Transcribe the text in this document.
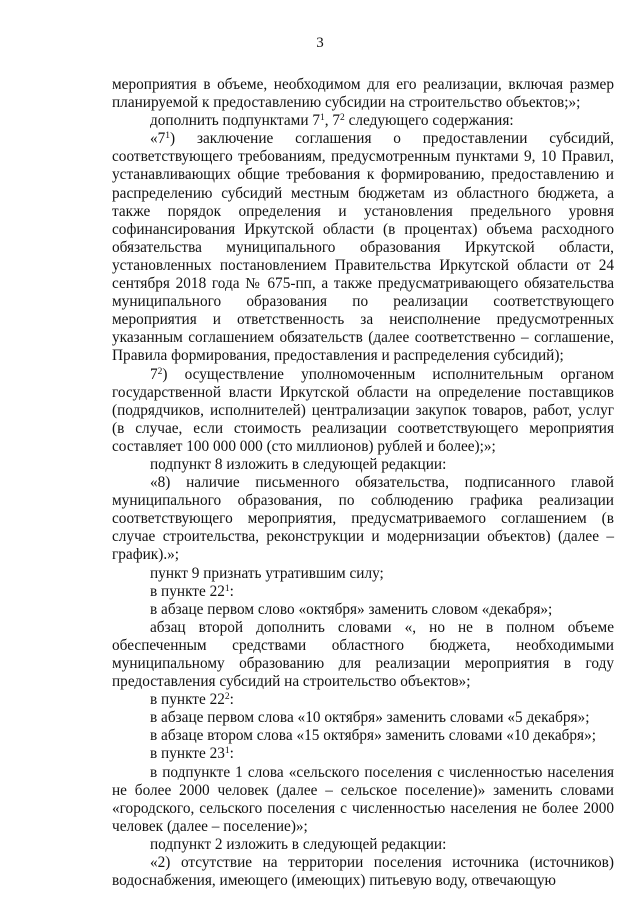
3

мероприятия в объеме, необходимом для его реализации, включая размер планируемой к предоставлению субсидии на строительство объектов;»;

дополнить подпунктами $7^1$, $7^2$ следующего содержания:

«$7^1$) заключение соглашения о предоставлении субсидий, соответствующего требованиям, предусмотренным пунктами 9, 10 Правил, устанавливающих общие требования к формированию, предоставлению и распределению субсидий местным бюджетам из областного бюджета, а также порядок определения и установления предельного уровня софинансирования Иркутской области (в процентах) объема расходного обязательства муниципального образования Иркутской области, установленных постановлением Правительства Иркутской области от 24 сентября 2018 года № 675-пп, а также предусматривающего обязательства муниципального образования по реализации соответствующего мероприятия и ответственность за неисполнение предусмотренных указанным соглашением обязательств (далее соответственно – соглашение, Правила формирования, предоставления и распределения субсидий);

$7^2$) осуществление уполномоченным исполнительным органом государственной власти Иркутской области на определение поставщиков (подрядчиков, исполнителей) централизации закупок товаров, работ, услуг (в случае, если стоимость реализации соответствующего мероприятия составляет 100 000 000 (сто миллионов) рублей и более);»;

подпункт 8 изложить в следующей редакции:

«8) наличие письменного обязательства, подписанного главой муниципального образования, по соблюдению графика реализации соответствующего мероприятия, предусматриваемого соглашением (в случае строительства, реконструкции и модернизации объектов) (далее – график).»;

пункт 9 признать утратившим силу;

в пункте $22^1$:

в абзаце первом слово «октября» заменить словом «декабря»;

абзац второй дополнить словами «, но не в полном объеме обеспеченным средствами областного бюджета, необходимыми муниципальному образованию для реализации мероприятия в году предоставления субсидий на строительство объектов»;

в пункте $22^2$:

в абзаце первом слова «10 октября» заменить словами «5 декабря»;

в абзаце втором слова «15 октября» заменить словами «10 декабря»;

в пункте $23^1$:

в подпункте 1 слова «сельского поселения с численностью населения не более 2000 человек (далее – сельское поселение)» заменить словами «городского, сельского поселения с численностью населения не более 2000 человек (далее – поселение)»;

подпункт 2 изложить в следующей редакции:

«2) отсутствие на территории поселения источника (источников) водоснабжения, имеющего (имеющих) питьевую воду, отвечающую
